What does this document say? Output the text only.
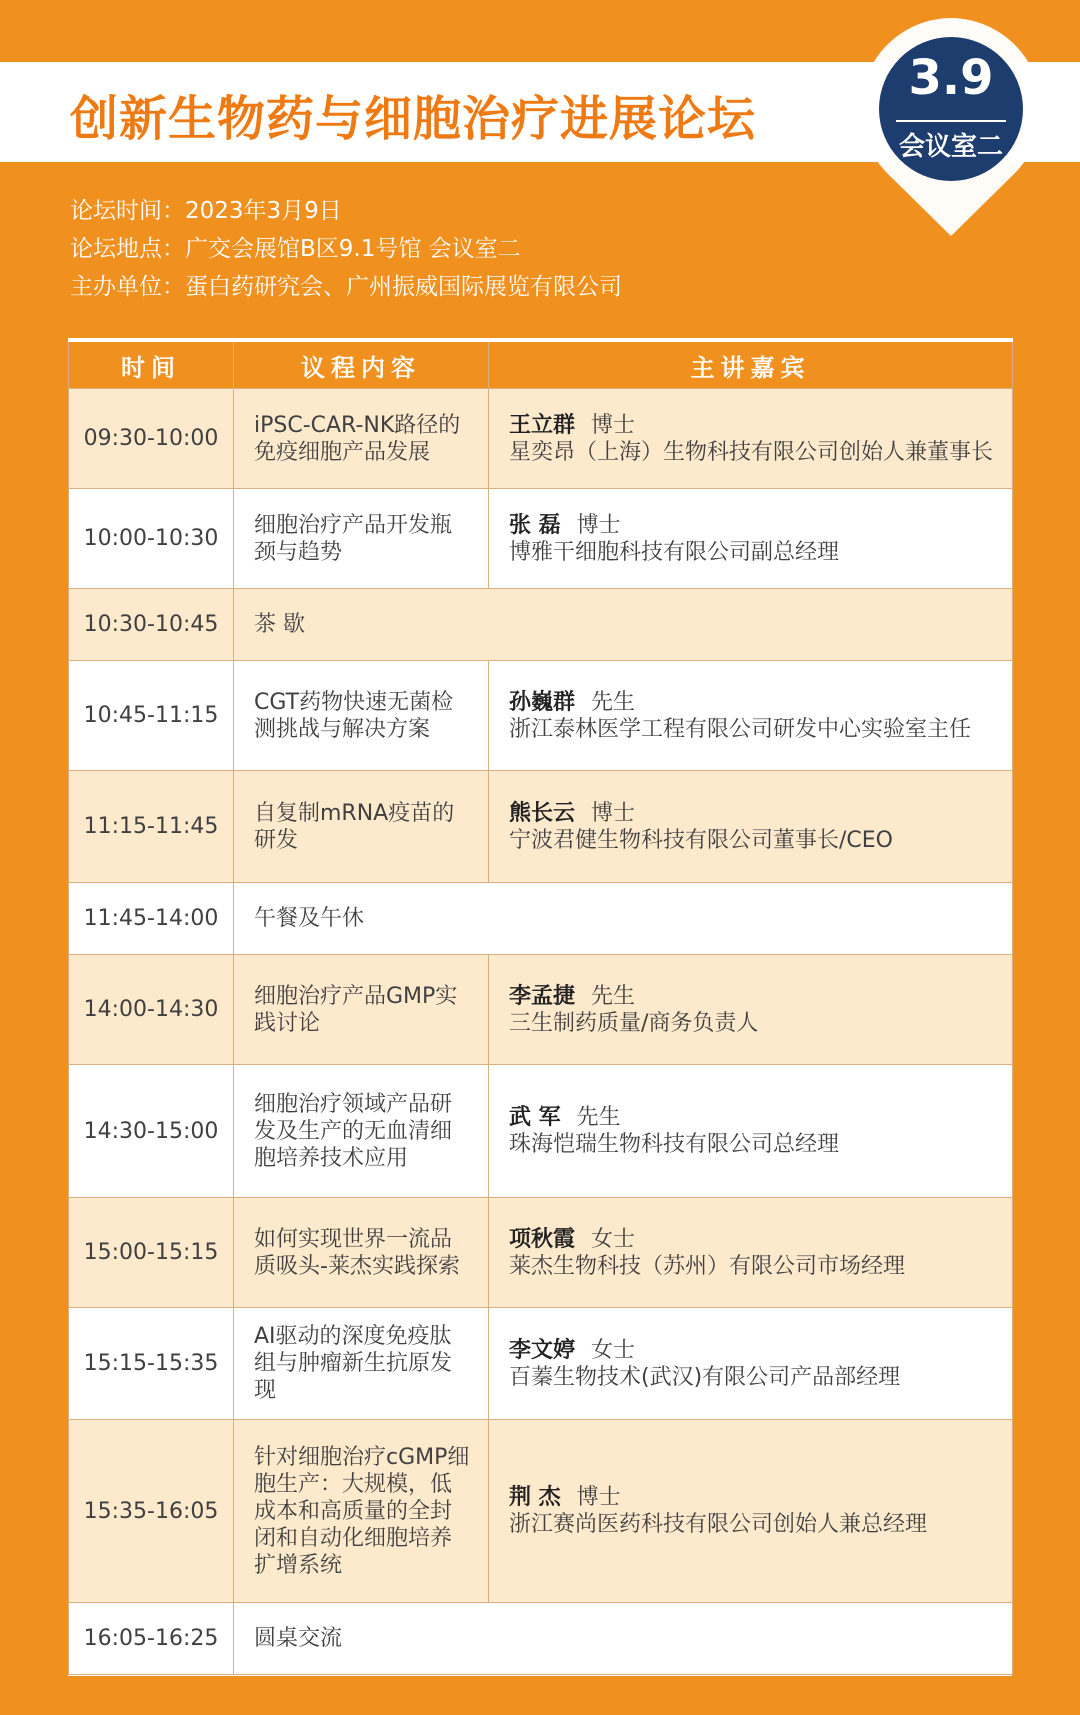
创新生物药与细胞治疗进展论坛
3.9
会议室二
论坛时间：2023年3月9日
论坛地点：广交会展馆B区9.1号馆 会议室二
主办单位：蛋白药研究会、广州振威国际展览有限公司
时间	议程内容	主讲嘉宾
09:30-10:00	iPSC-CAR-NK路径的免疫细胞产品发展	王立群 博士
星奕昂（上海）生物科技有限公司创始人兼董事长

10:00-10:30	细胞治疗产品开发瓶颈与趋势	张 磊 博士
博雅干细胞科技有限公司副总经理

10:30-10:45	茶 歇	
10:45-11:15	CGT药物快速无菌检测挑战与解决方案	孙巍群 先生
浙江泰林医学工程有限公司研发中心实验室主任

11:15-11:45	自复制mRNA疫苗的研发	熊长云 博士
宁波君健生物科技有限公司董事长/CEO

11:45-14:00	午餐及午休	
14:00-14:30	细胞治疗产品GMP实践讨论	李孟捷 先生
三生制药质量/商务负责人

14:30-15:00	细胞治疗领域产品研发及生产的无血清细胞培养技术应用	武 军 先生
珠海恺瑞生物科技有限公司总经理

15:00-15:15	如何实现世界一流品质吸头-莱杰实践探索	项秋霞 女士
莱杰生物科技（苏州）有限公司市场经理

15:15-15:35	AI驱动的深度免疫肽组与肿瘤新生抗原发现	李文婷 女士
百蓁生物技术(武汉)有限公司产品部经理

15:35-16:05	针对细胞治疗cGMP细胞生产：大规模，低成本和高质量的全封闭和自动化细胞培养扩增系统	荆 杰 博士
浙江赛尚医药科技有限公司创始人兼总经理

16:05-16:25	圆桌交流	
